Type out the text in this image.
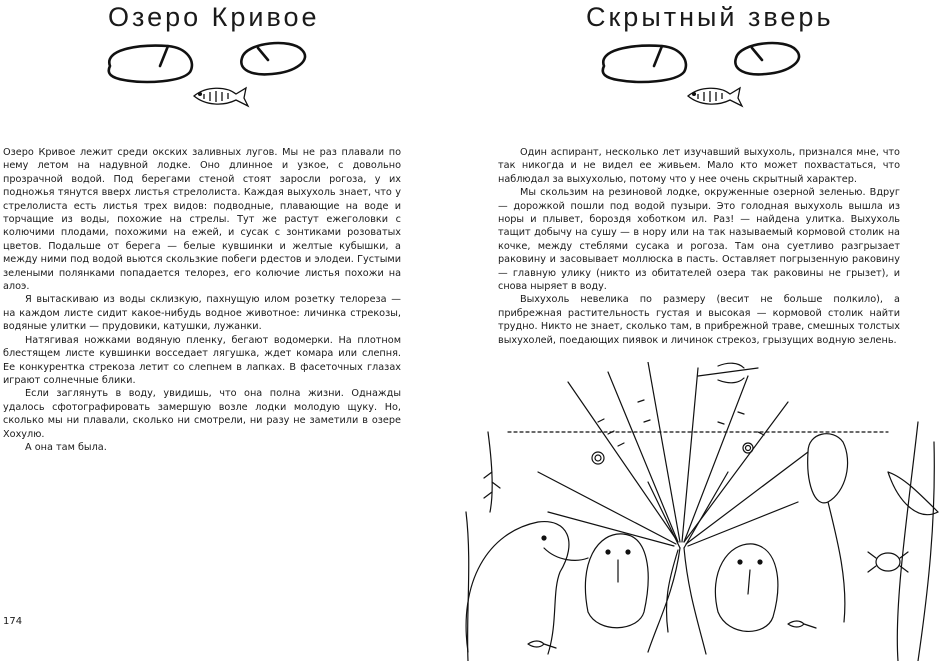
Озеро Кривое

Озеро Кривое лежит среди окских заливных лугов. Мы не раз плавали по нему летом на надувной лодке. Оно длинное и узкое, с довольно прозрачной водой. Под берегами стеной стоят заросли рогоза, у их подножья тянутся вверх листья стрелолиста. Каждая выхухоль знает, что у стрелолиста есть листья трех видов: подводные, плавающие на воде и торчащие из воды, похожие на стрелы. Тут же растут ежеголовки с колючими плодами, похожими на ежей, и сусак с зонтиками розоватых цветов. Подальше от берега — белые кувшинки и желтые кубышки, а между ними под водой вьются скользкие побеги рдестов и элодеи. Густыми зелеными полянками попадается телорез, его колючие листья похожи на алоэ.

Я вытаскиваю из воды склизкую, пахнущую илом розетку телореза — на каждом листе сидит какое-нибудь водное животное: личинка стрекозы, водяные улитки — прудовики, катушки, лужанки.

Натягивая ножками водяную пленку, бегают водомерки. На плотном блестящем листе кувшинки восседает лягушка, ждет комара или слепня. Ее конкурентка стрекоза летит со слепнем в лапках. В фасеточных глазах играют солнечные блики.

Если заглянуть в воду, увидишь, что она полна жизни. Однажды удалось сфотографировать замершую возле лодки молодую щуку. Но, сколько мы ни плавали, сколько ни смотрели, ни разу не заметили в озере Хохулю.

А она там была.

174
Скрытный зверь

Один аспирант, несколько лет изучавший выхухоль, признался мне, что так никогда и не видел ее живьем. Мало кто может похвастаться, что наблюдал за выхухолью, потому что у нее очень скрытный характер.

Мы скользим на резиновой лодке, окруженные озерной зеленью. Вдруг — дорожкой пошли под водой пузыри. Это голодная выхухоль вышла из норы и плывет, бороздя хоботком ил. Раз! — найдена улитка. Выхухоль тащит добычу на сушу — в нору или на так называемый кормовой столик на кочке, между стеблями сусака и рогоза. Там она суетливо разгрызает раковину и засовывает моллюска в пасть. Оставляет погрызенную раковину — главную улику (никто из обитателей озера так раковины не грызет), и снова ныряет в воду.

Выхухоль невелика по размеру (весит не больше полкило), а прибрежная растительность густая и высокая — кормовой столик найти трудно. Никто не знает, сколько там, в прибрежной траве, смешных толстых выхухолей, поедающих пиявок и личинок стрекоз, грызущих водную зелень.
